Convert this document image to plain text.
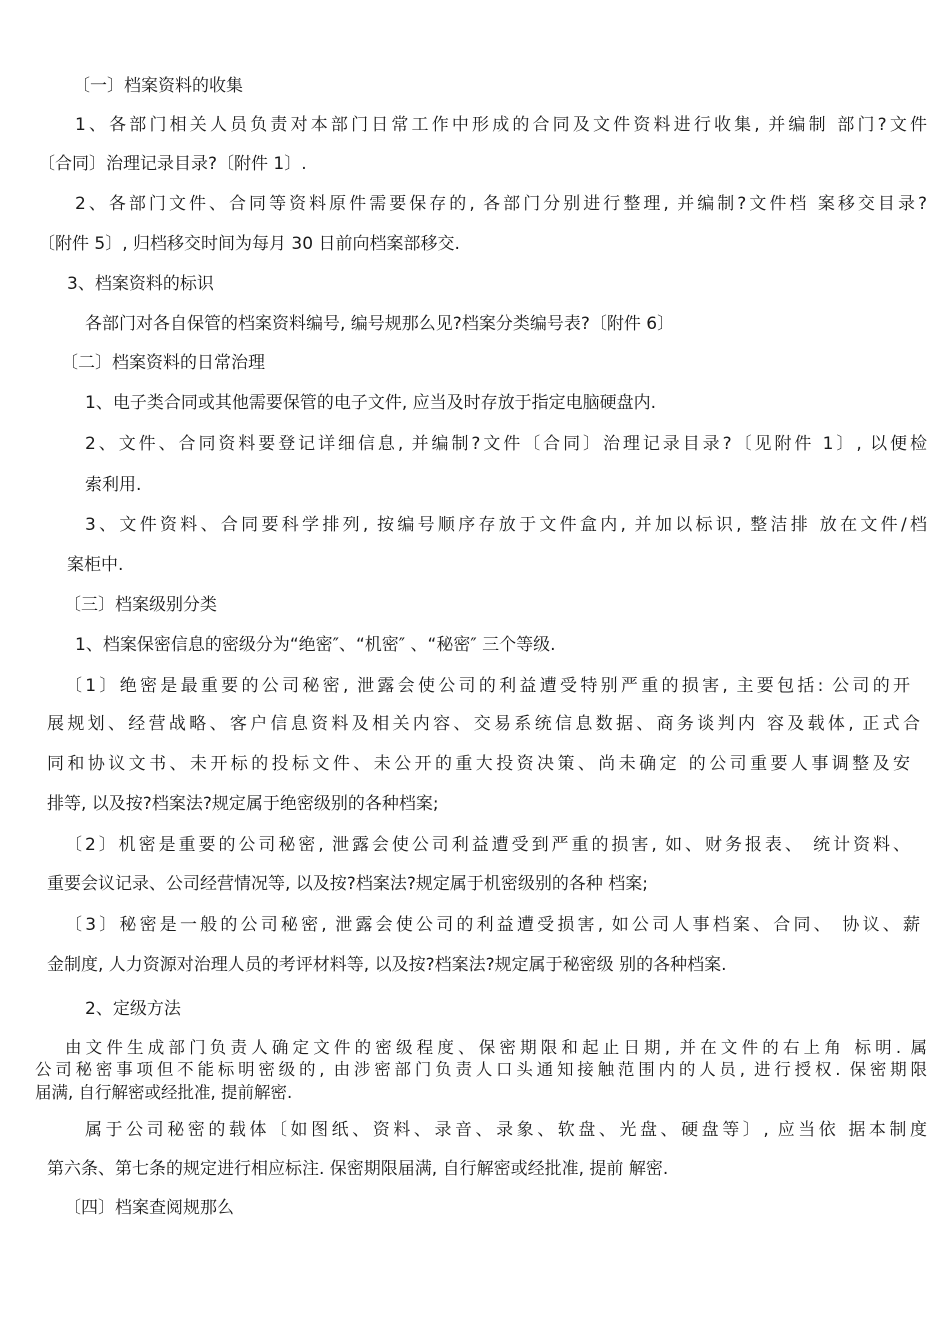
〔一〕档案资料的收集
1、各部门相关人员负责对本部门日常工作中形成的合同及文件资料进行收集, 并编制 部门?文件
〔合同〕治理记录目录?〔附件 1〕.
2、各部门文件、合同等资料原件需要保存的, 各部门分别进行整理, 并编制?文件档 案移交目录?
〔附件 5〕, 归档移交时间为每月 30 日前向档案部移交.
3、档案资料的标识
各部门对各自保管的档案资料编号, 编号规那么见?档案分类编号表?〔附件 6〕
〔二〕档案资料的日常治理
1、电子类合同或其他需要保管的电子文件, 应当及时存放于指定电脑硬盘内.
2、文件、合同资料要登记详细信息, 并编制?文件〔合同〕治理记录目录?〔见附件 1〕, 以便检
索利用.
3、文件资料、合同要科学排列, 按编号顺序存放于文件盒内, 并加以标识, 整洁排 放在文件/档
案柜中.
〔三〕档案级别分类
1、档案保密信息的密级分为“绝密″、“机密″ 、“秘密″ 三个等级.
〔1〕绝密是最重要的公司秘密, 泄露会使公司的利益遭受特别严重的损害, 主要包括: 公司的开
展规划、经营战略、客户信息资料及相关内容、交易系统信息数据、商务谈判内 容及载体, 正式合
同和协议文书、未开标的投标文件、未公开的重大投资决策、尚未确定 的公司重要人事调整及安
排等, 以及按?档案法?规定属于绝密级别的各种档案;
〔2〕机密是重要的公司秘密, 泄露会使公司利益遭受到严重的损害, 如、财务报表、 统计资料、
重要会议记录、公司经营情况等, 以及按?档案法?规定属于机密级别的各种 档案;
〔3〕秘密是一般的公司秘密, 泄露会使公司的利益遭受损害, 如公司人事档案、合同、 协议、薪
金制度, 人力资源对治理人员的考评材料等, 以及按?档案法?规定属于秘密级 别的各种档案.
2、定级方法
由文件生成部门负责人确定文件的密级程度、保密期限和起止日期, 并在文件的右上角 标明. 属
公司秘密事项但不能标明密级的, 由涉密部门负责人口头通知接触范围内的人员, 进行授权. 保密期限
届满, 自行解密或经批准, 提前解密.
属于公司秘密的载体〔如图纸、资料、录音、录象、软盘、光盘、硬盘等〕, 应当依 据本制度
第六条、第七条的规定进行相应标注. 保密期限届满, 自行解密或经批准, 提前 解密.
〔四〕档案查阅规那么
